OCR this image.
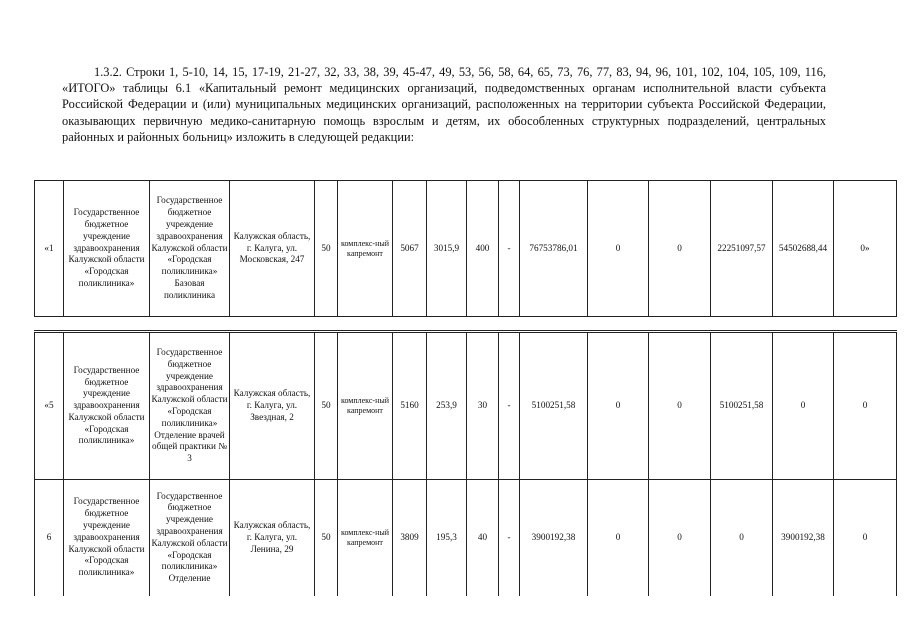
1.3.2. Строки 1, 5-10, 14, 15, 17-19, 21-27, 32, 33, 38, 39, 45-47, 49, 53, 56, 58, 64, 65, 73, 76, 77, 83, 94, 96, 101, 102, 104, 105, 109, 116, «ИТОГО» таблицы 6.1 «Капитальный ремонт медицинских организаций, подведомственных органам исполнительной власти субъекта Российской Федерации и (или) муниципальных медицинских организаций, расположенных на территории субъекта Российской Федерации, оказывающих первичную медико-санитарную помощь взрослым и детям, их обособленных структурных подразделений, центральных районных и районных больниц» изложить в следующей редакции:

«1	Государственное бюджетное учреждение здравоохранения Калужской области «Городская поликлиника»	Государственное бюджетное учреждение здравоохранения Калужской области «Городская поликлиника» Базовая поликлиника	Калужская область, г. Калуга, ул. Московская, 247	50	комплекс-ный капремонт	5067	3015,9	400	-	76753786,01	0	0	22251097,57	54502688,44	0»
«5	Государственное бюджетное учреждение здравоохранения Калужской области «Городская поликлиника»	Государственное бюджетное учреждение здравоохранения Калужской области «Городская поликлиника» Отделение врачей общей практики № 3	Калужская область, г. Калуга, ул. Звездная, 2	50	комплекс-ный капремонт	5160	253,9	30	-	5100251,58	0	0	5100251,58	0	0
6	Государственное бюджетное учреждение здравоохранения Калужской области «Городская поликлиника»	Государственное бюджетное учреждение здравоохранения Калужской области «Городская поликлиника» Отделение	Калужская область, г. Калуга, ул. Ленина, 29	50	комплекс-ный капремонт	3809	195,3	40	-	3900192,38	0	0	0	3900192,38	0
